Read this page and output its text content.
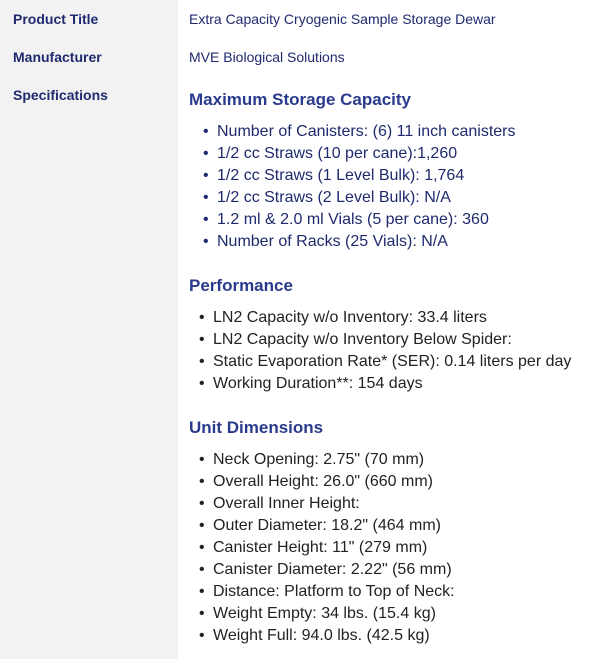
Product Title	Extra Capacity Cryogenic Sample Storage Dewar
Manufacturer	MVE Biological Solutions
Specifications	Maximum Storage Capacity
• Number of Canisters: (6) 11 inch canisters
• 1/2 cc Straws (10 per cane):1,260
• 1/2 cc Straws (1 Level Bulk): 1,764
• 1/2 cc Straws (2 Level Bulk): N/A
• 1.2 ml & 2.0 ml Vials (5 per cane): 360
• Number of Racks (25 Vials): N/A
Performance
• LN2 Capacity w/o Inventory: 33.4 liters
• LN2 Capacity w/o Inventory Below Spider:
• Static Evaporation Rate* (SER): 0.14 liters per day
• Working Duration**: 154 days
Unit Dimensions
• Neck Opening: 2.75" (70 mm)
• Overall Height: 26.0" (660 mm)
• Overall Inner Height:
• Outer Diameter: 18.2" (464 mm)
• Canister Height: 11" (279 mm)
• Canister Diameter: 2.22" (56 mm)
• Distance: Platform to Top of Neck:
• Weight Empty: 34 lbs. (15.4 kg)
• Weight Full: 94.0 lbs. (42.5 kg)
